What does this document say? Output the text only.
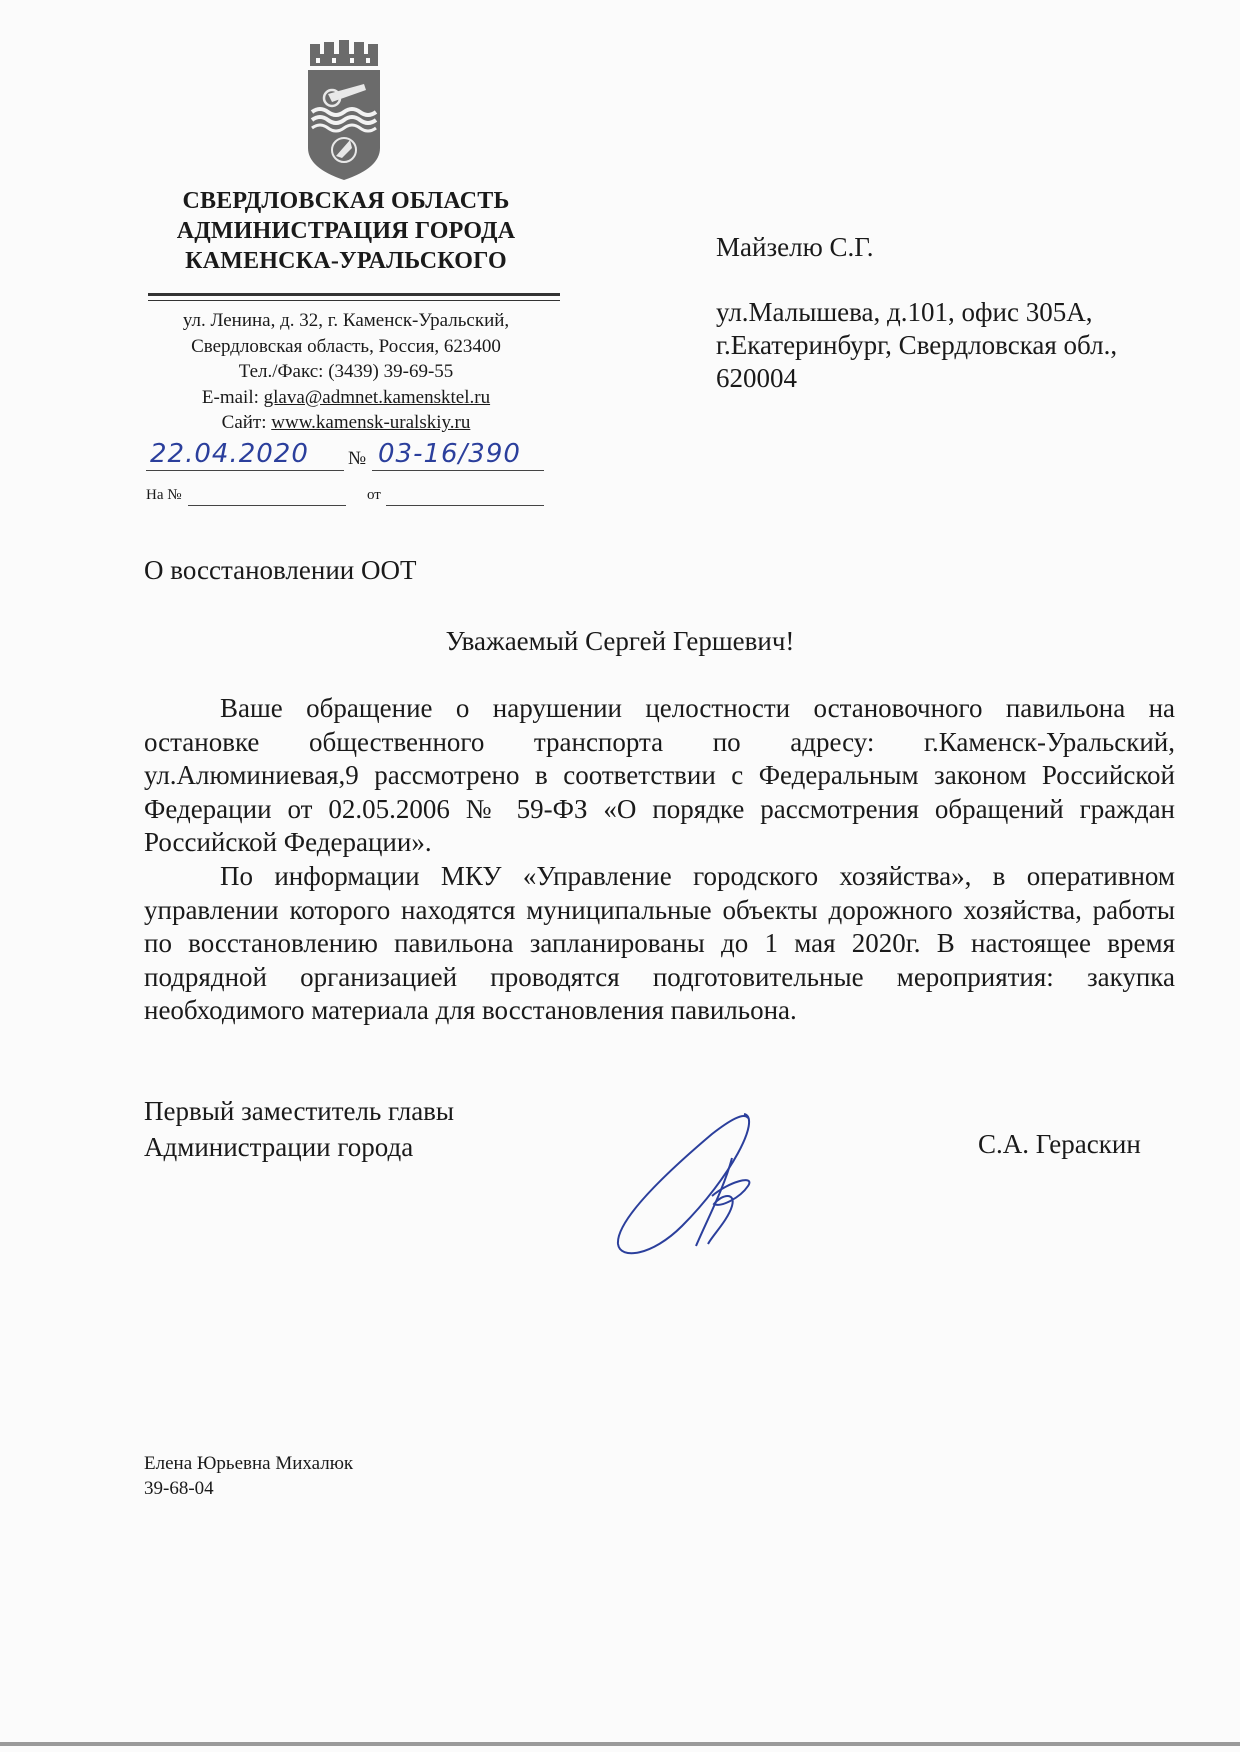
СВЕРДЛОВСКАЯ ОБЛАСТЬ
АДМИНИСТРАЦИЯ ГОРОДА
КАМЕНСКА-УРАЛЬСКОГО
ул. Ленина, д. 32, г. Каменск-Уральский,
Свердловская область, Россия, 623400
Тел./Факс: (3439) 39-69-55
E-mail: glava@admnet.kamensktel.ru
Сайт: www.kamensk-uralskiy.ru
22.04.2020 № 03-16/390
На №	от
Майзелю С.Г.
ул.Малышева, д.101, офис 305А,
г.Екатеринбург, Свердловская обл.,
620004
О восстановлении ООТ
Уважаемый Сергей Гершевич!

Ваше обращение о нарушении целостности остановочного павильона на остановке общественного транспорта по адресу: г.Каменск-Уральский, ул.Алюминиевая,9 рассмотрено в соответствии с Федеральным законом Российской Федерации от 02.05.2006 № 59-ФЗ «О порядке рассмотрения обращений граждан Российской Федерации».

По информации МКУ «Управление городского хозяйства», в оперативном управлении которого находятся муниципальные объекты дорожного хозяйства, работы по восстановлению павильона запланированы до 1 мая 2020г. В настоящее время подрядной организацией проводятся подготовительные мероприятия: закупка необходимого материала для восстановления павильона.

Первый заместитель главы
Администрации города	С.А. Гераскин
Елена Юрьевна Михалюк
39-68-04
